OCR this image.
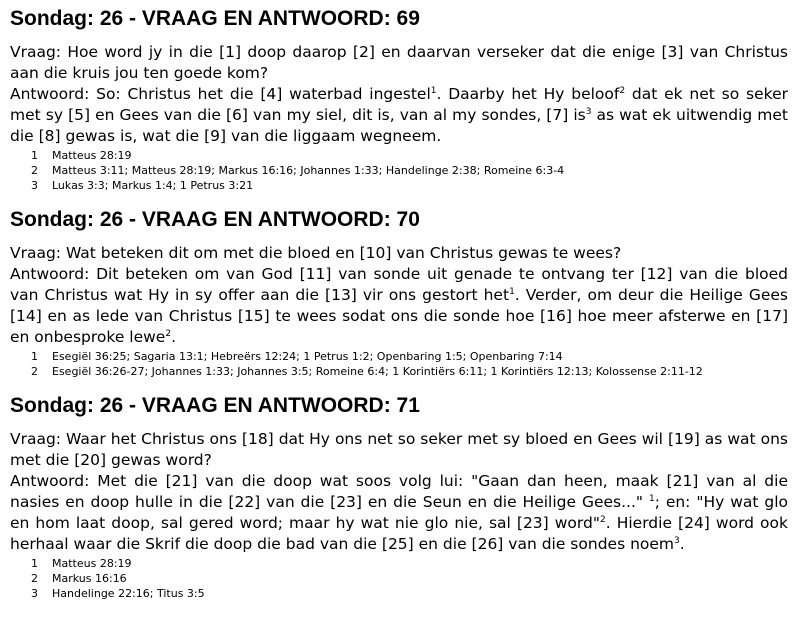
Sondag: 26 - VRAAG EN ANTWOORD: 69

Vraag: Hoe word jy in die [1] doop daarop [2] en daarvan verseker dat die enige [3] van Christus aan die kruis jou ten goede kom?

Antwoord: So: Christus het die [4] waterbad ingestel$^1$. Daarby het Hy beloof$^2$ dat ek net so seker met sy [5] en Gees van die [6] van my siel, dit is, van al my sondes, [7] $is^3$ as wat ek uitwendig met die [8] gewas is, wat die [9] van die liggaam wegneem.

1	Matteus 28:19
2	Matteus 3:11; Matteus 28:19; Markus 16:16; Johannes 1:33; Handelinge 2:38; Romeine 6:3-4
3	Lukas 3:3; Markus 1:4; 1 Petrus 3:21
Sondag: 26 - VRAAG EN ANTWOORD: 70

Vraag: Wat beteken dit om met die bloed en [10] van Christus gewas te wees?

Antwoord: Dit beteken om van God [11] van sonde uit genade te ontvang ter [12] van die bloed van Christus wat Hy in sy offer aan die [13] vir ons gestort het$^1$. Verder, om deur die Heilige Gees [14] en as lede van Christus [15] te wees sodat ons die sonde hoe [16] hoe meer afsterwe en [17] en onbesproke lewe$^2$.

1	Esegiël 36:25; Sagaria 13:1; Hebreërs 12:24; 1 Petrus 1:2; Openbaring 1:5; Openbaring 7:14
2	Esegiël 36:26-27; Johannes 1:33; Johannes 3:5; Romeine 6:4; 1 Korintiërs 6:11; 1 Korintiërs 12:13; Kolossense 2:11-12
Sondag: 26 - VRAAG EN ANTWOORD: 71

Vraag: Waar het Christus ons [18] dat Hy ons net so seker met sy bloed en Gees wil [19] as wat ons met die [20] gewas word?

Antwoord: Met die [21] van die doop wat soos volg lui: "Gaan dan heen, maak [21] van al die nasies en doop hulle in die [22] van die [23] en die Seun en die Heilige Gees..." $^1$; en: "Hy wat glo en hom laat doop, sal gered word; maar hy wat nie glo nie, sal [23] word"$^2$. Hierdie [24] word ook herhaal waar die Skrif die doop die bad van die [25] en die [26] van die sondes noem$^3$.

1	Matteus 28:19
2	Markus 16:16
3	Handelinge 22:16; Titus 3:5
